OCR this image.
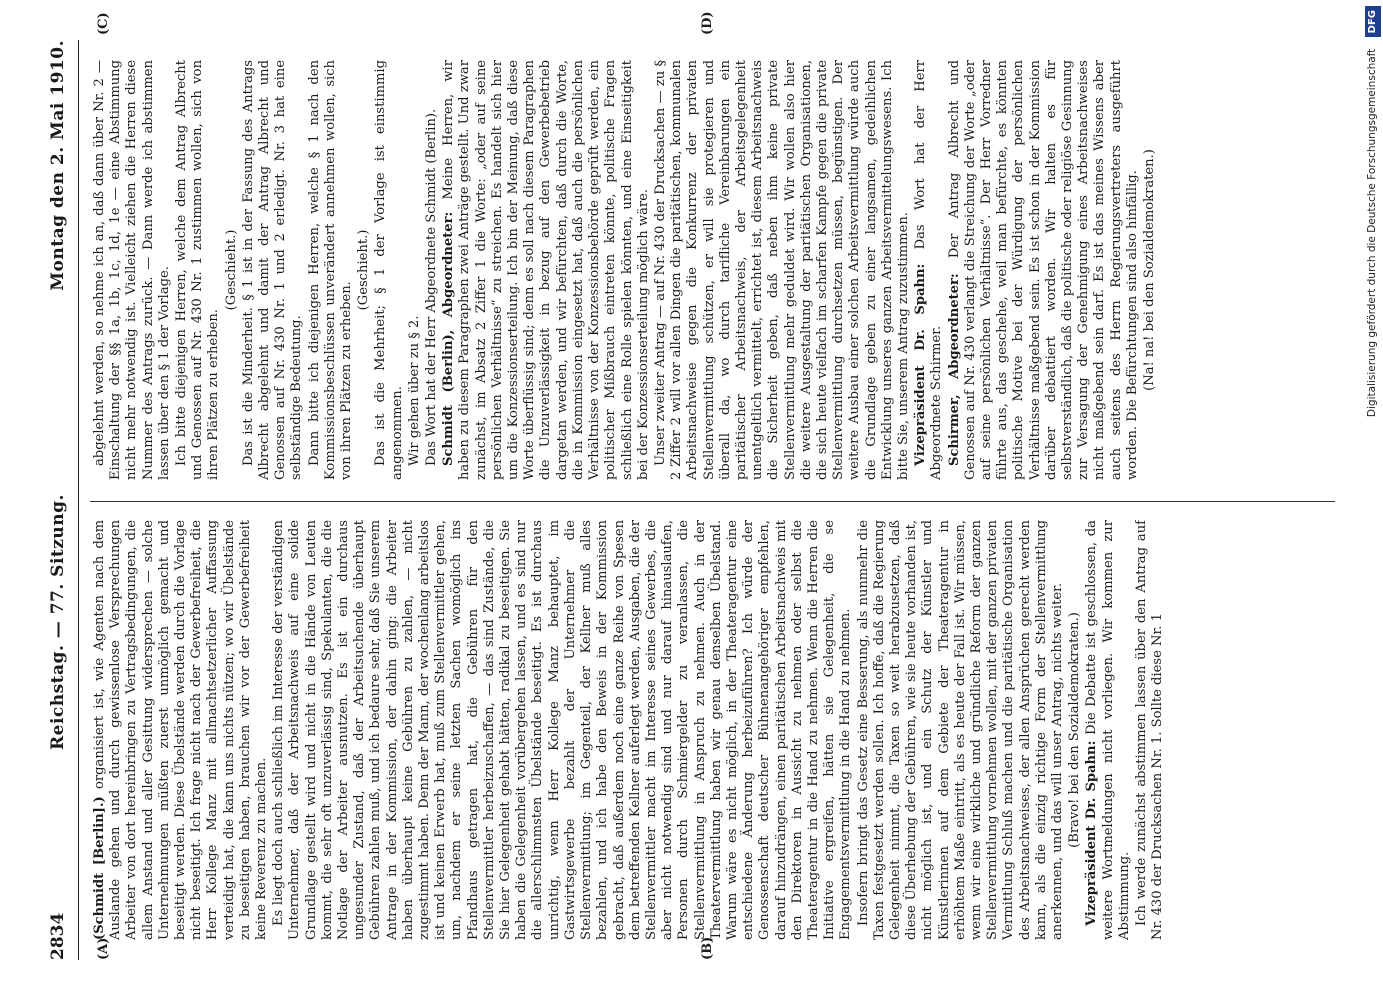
2834
Reichstag. — 77. Sitzung.
Montag den 2. Mai 1910.
(A)	(B)
(C)	(D)

(Schmidt [Berlin].) organisiert ist, wie Agenten nach dem Auslande gehen und durch gewissenlose Versprechungen Arbeiter von dort hereinbringen zu Vertragsbedingungen, die allem Anstand und aller Gesittung widersprechen — solche Unternehmungen müßten zuerst unmöglich gemacht und beseitigt werden. Diese Übelstände werden durch die Vorlage nicht beseitigt. Ich frage nicht nach der Gewerbefreiheit, die Herr Kollege Manz mit allmachtsetzerlicher Auffassung verteidigt hat, die kann uns nichts nützen; wo wir Übelstände zu beseitigen haben, brauchen wir vor der Gewerbefreiheit keine Reverenz zu machen. Es liegt doch auch schließlich im Interesse der verständigen Unternehmer, daß der Arbeitsnachweis auf eine solide Grundlage gestellt wird und nicht in die Hände von Leuten kommt, die sehr oft unzuverlässig sind, Spekulanten, die die Notlage der Arbeiter ausnutzen. Es ist ein durchaus ungesunder Zustand, daß der Arbeitsuchende überhaupt Gebühren zahlen muß, und ich bedaure sehr, daß Sie unserem Antrage in der Kommission, der dahin ging: die Arbeiter haben überhaupt keine Gebühren zu zahlen, — nicht zugestimmt haben. Denn der Mann, der wochenlang arbeitslos ist und keinen Erwerb hat, muß zum Stellenvermittler gehen, um, nachdem er seine letzten Sachen womöglich ins Pfandhaus getragen hat, die Gebühren für den Stellenvermittler herbeizuschaffen, — das sind Zustände, die Sie hier Gelegenheit gehabt hätten, radikal zu beseitigen. Sie haben die Gelegenheit vorübergehen lassen, und es sind nur die allerschlimmsten Übelstände beseitigt. Es ist durchaus unrichtig, wenn Herr Kollege Manz behauptet, im Gastwirtsgewerbe bezahlt der Unternehmer die Stellenvermittlung; im Gegenteil, der Kellner muß alles bezahlen, und ich habe den Beweis in der Kommission gebracht, daß außerdem noch eine ganze Reihe von Spesen dem betreffenden Kellner auferlegt werden, Ausgaben, die der Stellenvermittler macht im Interesse seines Gewerbes, die aber nicht notwendig sind und nur darauf hinauslaufen, Personen durch Schmiergelder zu veranlassen, die Stellenvermittlung in Anspruch zu nehmen. Auch in der Theatervermittlung haben wir genau denselben Übelstand. Warum wäre es nicht möglich, in der Theateragentur eine entschiedene Änderung herbeizuführen? Ich würde der Genossenschaft deutscher Bühnenangehöriger empfehlen, darauf hinzudrängen, einen paritätischen Arbeitsnachweis mit den Direktoren in Aussicht zu nehmen oder selbst die Theateragentur in die Hand zu nehmen. Wenn die Herren die Initiative ergreifen, hätten sie Gelegenheit, die se Engagementsvermittlung in die Hand zu nehmen. Insofern bringt das Gesetz eine Besserung, als nunmehr die Taxen festgesetzt werden sollen. Ich hoffe, daß die Regierung Gelegenheit nimmt, die Taxen so weit herabzusetzen, daß diese Überhebung der Gebühren, wie sie heute vorhanden ist, nicht möglich ist, und ein Schutz der Künstler und Künstlerinnen auf dem Gebiete der Theateragentur in erhöhtem Maße eintritt, als es heute der Fall ist. Wir müssen, wenn wir eine wirkliche und gründliche Reform der ganzen Stellenvermittlung vornehmen wollen, mit der ganzen privaten Vermittlung Schluß machen und die paritätische Organisation des Arbeitsnachweises, der allen Ansprüchen gerecht werden kann, als die einzig richtige Form der Stellenvermittlung anerkennen, und das will unser Antrag, nichts weiter. (Bravo! bei den Sozialdemokraten.) Vizepräsident Dr. Spahn: Die Debatte ist geschlossen, da weitere Wortmeldungen nicht vorliegen. Wir kommen zur Abstimmung. Ich werde zunächst abstimmen lassen über den Antrag auf Nr. 430 der Drucksachen Nr. 1. Sollte diese Nr. 1

abgelehnt werden, so nehme ich an, daß dann über Nr. 2 — Einschaltung der §§ 1a, 1b, 1c, 1d, 1e — eine Abstimmung nicht mehr notwendig ist. Vielleicht ziehen die Herren diese Nummer des Antrags zurück. — Dann werde ich abstimmen lassen über den § 1 der Vorlage. Ich bitte diejenigen Herren, welche dem Antrag Albrecht und Genossen auf Nr. 430 Nr. 1 zustimmen wollen, sich von ihren Plätzen zu erheben.

(Geschieht.) Das ist die Minderheit. § 1 ist in der Fassung des Antrags Albrecht abgelehnt und damit der Antrag Albrecht und Genossen auf Nr. 430 Nr. 1 und 2 erledigt. Nr. 3 hat eine selbständige Bedeutung. Dann bitte ich diejenigen Herren, welche § 1 nach den Kommissionsbeschlüssen unverändert annehmen wollen, sich von ihren Plätzen zu erheben.

(Geschieht.) Das ist die Mehrheit; § 1 der Vorlage ist einstimmig angenommen. Wir gehen über zu § 2. Das Wort hat der Herr Abgeordnete Schmidt (Berlin). Schmidt (Berlin), Abgeordneter: Meine Herren, wir haben zu diesem Paragraphen zwei Anträge gestellt. Und zwar zunächst, im Absatz 2 Ziffer 1 die Worte: „oder auf seine persönlichen Verhältnisse“ zu streichen. Es handelt sich hier um die Konzessionserteilung. Ich bin der Meinung, daß diese Worte überflüssig sind; denn es soll nach diesem Paragraphen die Unzuverlässigkeit in bezug auf den Gewerbebetrieb dargetan werden, und wir befürchten, daß durch die Worte, die in Kommission eingesetzt hat, daß auch die persönlichen Verhältnisse von der Konzessionsbehörde geprüft werden, ein politischer Mißbrauch eintreten könnte, politische Fragen schließlich eine Rolle spielen könnten, und eine Einseitigkeit bei der Konzessionserteilung möglich wäre. Unser zweiter Antrag — auf Nr. 430 der Drucksachen — zu § 2 Ziffer 2 will vor allen Dingen die paritätischen, kommunalen Arbeitsnachweise gegen die Konkurrenz der privaten Stellenvermittlung schützen, er will sie protegieren und überall da, wo durch tarifliche Vereinbarungen ein paritätischer Arbeitsnachweis, der Arbeitsgelegenheit unentgeltlich vermittelt, errichtet ist, diesem Arbeitsnachweis die Sicherheit geben, daß neben ihm keine private Stellenvermittlung mehr geduldet wird. Wir wollen also hier die weitere Ausgestaltung der paritätischen Organisationen, die sich heute vielfach im scharfen Kampfe gegen die private Stellenvermittlung durchsetzen müssen, begünstigen. Der weitere Ausbau einer solchen Arbeitsvermittlung würde auch die Grundlage geben zu einer langsamen, gedeihlichen Entwicklung unseres ganzen Arbeitsvermittelungswesens. Ich bitte Sie, unserem Antrag zuzustimmen. Vizepräsident Dr. Spahn: Das Wort hat der Herr Abgeordnete Schirmer. Schirmer, Abgeordneter: Der Antrag Albrecht und Genossen auf Nr. 430 verlangt die Streichung der Worte „oder auf seine persönlichen Verhältnisse“. Der Herr Vorredner führte aus, das geschehe, weil man befürchte, es könnten politische Motive bei der Würdigung der persönlichen Verhältnisse maßgebend sein. Es ist schon in der Kommission darüber debattiert worden. Wir halten es für selbstverständlich, daß die politische oder religiöse Gesinnung zur Versagung der Genehmigung eines Arbeitsnachweises nicht maßgebend sein darf. Es ist das meines Wissens aber auch seitens des Herrn Regierungsvertreters ausgeführt worden. Die Befürchtungen sind also hinfällig. (Na! na! bei den Sozialdemokraten.)	Digitalisierung gefördert durch die Deutsche Forschungsgemeinschaft DFG
